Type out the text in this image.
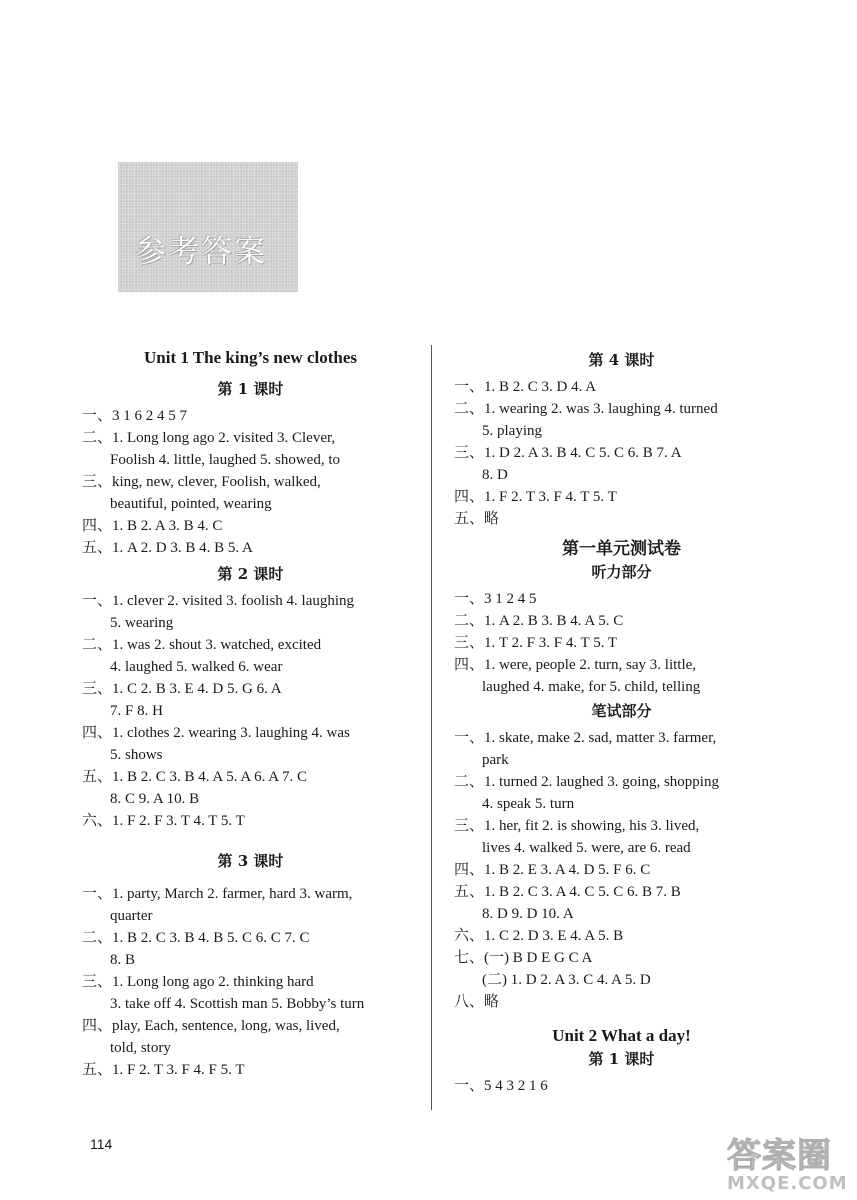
参考答案
Unit 1 The king’s new clothes
第 1 课时
一、3 1 6 2 4 5 7
二、1. Long long ago 2. visited 3. Clever,
Foolish 4. little, laughed 5. showed, to
三、king, new, clever, Foolish, walked,
beautiful, pointed, wearing
四、1. B 2. A 3. B 4. C
五、1. A 2. D 3. B 4. B 5. A
第 2 课时
一、1. clever 2. visited 3. foolish 4. laughing
5. wearing
二、1. was 2. shout 3. watched, excited
4. laughed 5. walked 6. wear
三、1. C 2. B 3. E 4. D 5. G 6. A
7. F 8. H
四、1. clothes 2. wearing 3. laughing 4. was
5. shows
五、1. B 2. C 3. B 4. A 5. A 6. A 7. C
8. C 9. A 10. B
六、1. F 2. F 3. T 4. T 5. T
第 3 课时
一、1. party, March 2. farmer, hard 3. warm,
quarter
二、1. B 2. C 3. B 4. B 5. C 6. C 7. C
8. B
三、1. Long long ago 2. thinking hard
3. take off 4. Scottish man 5. Bobby’s turn
四、play, Each, sentence, long, was, lived,
told, story
五、1. F 2. T 3. F 4. F 5. T
第 4 课时
一、1. B 2. C 3. D 4. A
二、1. wearing 2. was 3. laughing 4. turned
5. playing
三、1. D 2. A 3. B 4. C 5. C 6. B 7. A
8. D
四、1. F 2. T 3. F 4. T 5. T
五、略
第一单元测试卷
听力部分
一、3 1 2 4 5
二、1. A 2. B 3. B 4. A 5. C
三、1. T 2. F 3. F 4. T 5. T
四、1. were, people 2. turn, say 3. little,
laughed 4. make, for 5. child, telling
笔试部分
一、1. skate, make 2. sad, matter 3. farmer,
park
二、1. turned 2. laughed 3. going, shopping
4. speak 5. turn
三、1. her, fit 2. is showing, his 3. lived,
lives 4. walked 5. were, are 6. read
四、1. B 2. E 3. A 4. D 5. F 6. C
五、1. B 2. C 3. A 4. C 5. C 6. B 7. B
8. D 9. D 10. A
六、1. C 2. D 3. E 4. A 5. B
七、(一) B D E G C A
(二) 1. D 2. A 3. C 4. A 5. D
八、略
Unit 2 What a day!
第 1 课时
一、5 4 3 2 1 6
114	答案圈
MXQE.COM
